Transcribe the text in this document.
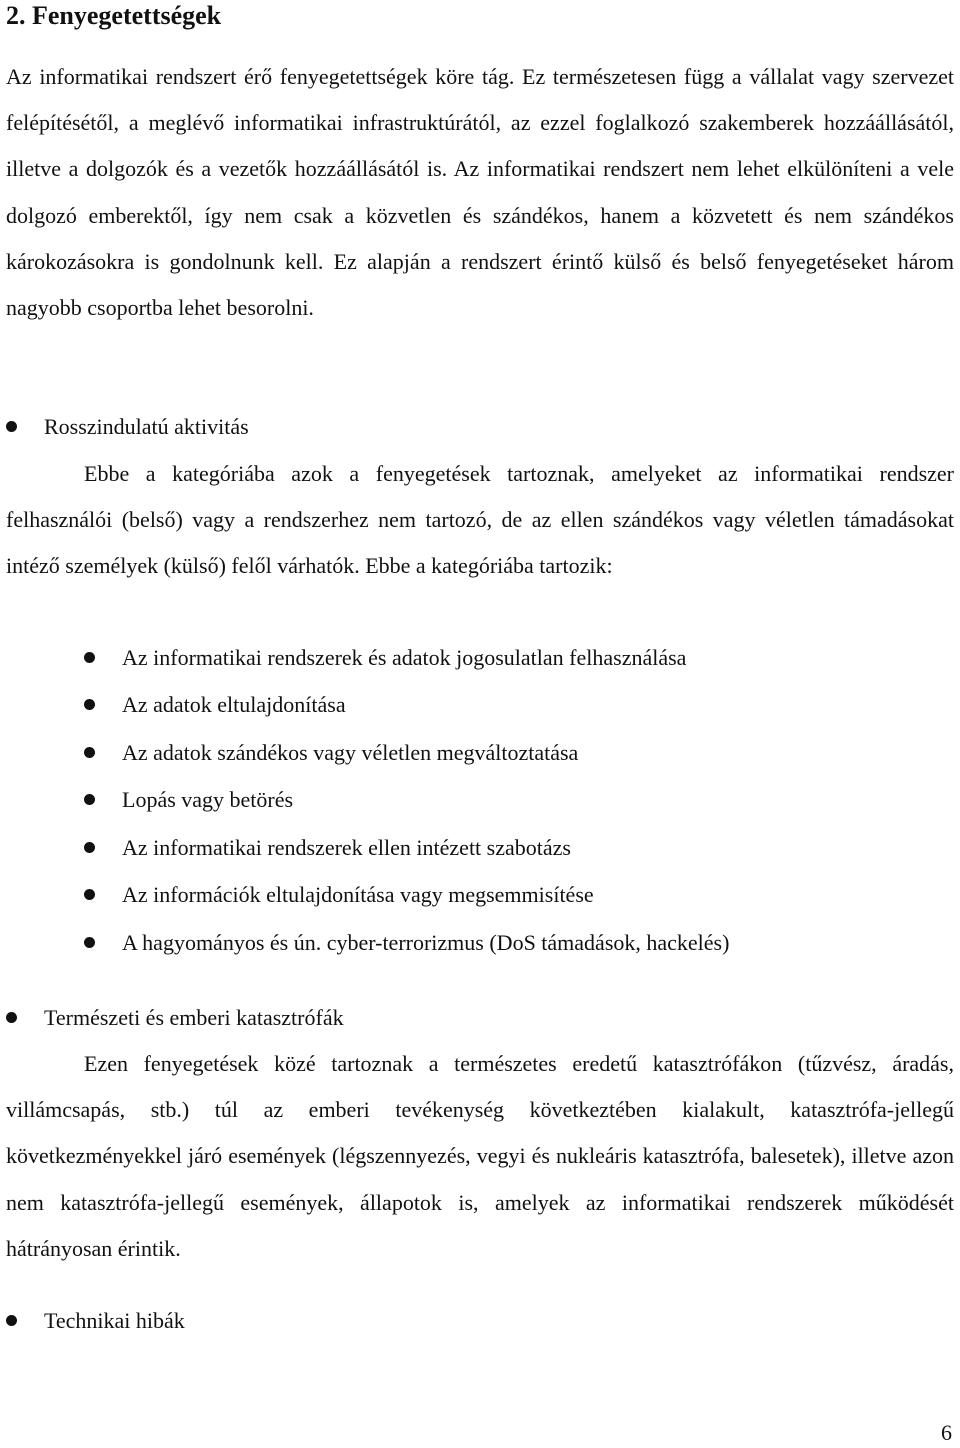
2. Fenyegetettségek

Az informatikai rendszert érő fenyegetettségek köre tág. Ez természetesen függ a vállalat vagy szervezet felépítésétől, a meglévő informatikai infrastruktúrától, az ezzel foglalkozó szakemberek hozzáállásától, illetve a dolgozók és a vezetők hozzáállásától is. Az informatikai rendszert nem lehet elkülöníteni a vele dolgozó emberektől, így nem csak a közvetlen és szándékos, hanem a közvetett és nem szándékos károkozásokra is gondolnunk kell. Ez alapján a rendszert érintő külső és belső fenyegetéseket három nagyobb csoportba lehet besorolni.

Rosszindulatú aktivitás

Ebbe a kategóriába azok a fenyegetések tartoznak, amelyeket az informatikai rendszer felhasználói (belső) vagy a rendszerhez nem tartozó, de az ellen szándékos vagy véletlen támadásokat intéző személyek (külső) felől várhatók. Ebbe a kategóriába tartozik:

Az informatikai rendszerek és adatok jogosulatlan felhasználása
Az adatok eltulajdonítása
Az adatok szándékos vagy véletlen megváltoztatása
Lopás vagy betörés
Az informatikai rendszerek ellen intézett szabotázs
Az információk eltulajdonítása vagy megsemmisítése
A hagyományos és ún. cyber-terrorizmus (DoS támadások, hackelés)
Természeti és emberi katasztrófák

Ezen fenyegetések közé tartoznak a természetes eredetű katasztrófákon (tűzvész, áradás, villámcsapás, stb.) túl az emberi tevékenység következtében kialakult, katasztrófa-jellegű következményekkel járó események (légszennyezés, vegyi és nukleáris katasztrófa, balesetek), illetve azon nem katasztrófa-jellegű események, állapotok is, amelyek az informatikai rendszerek működését hátrányosan érintik.

Technikai hibák
6
